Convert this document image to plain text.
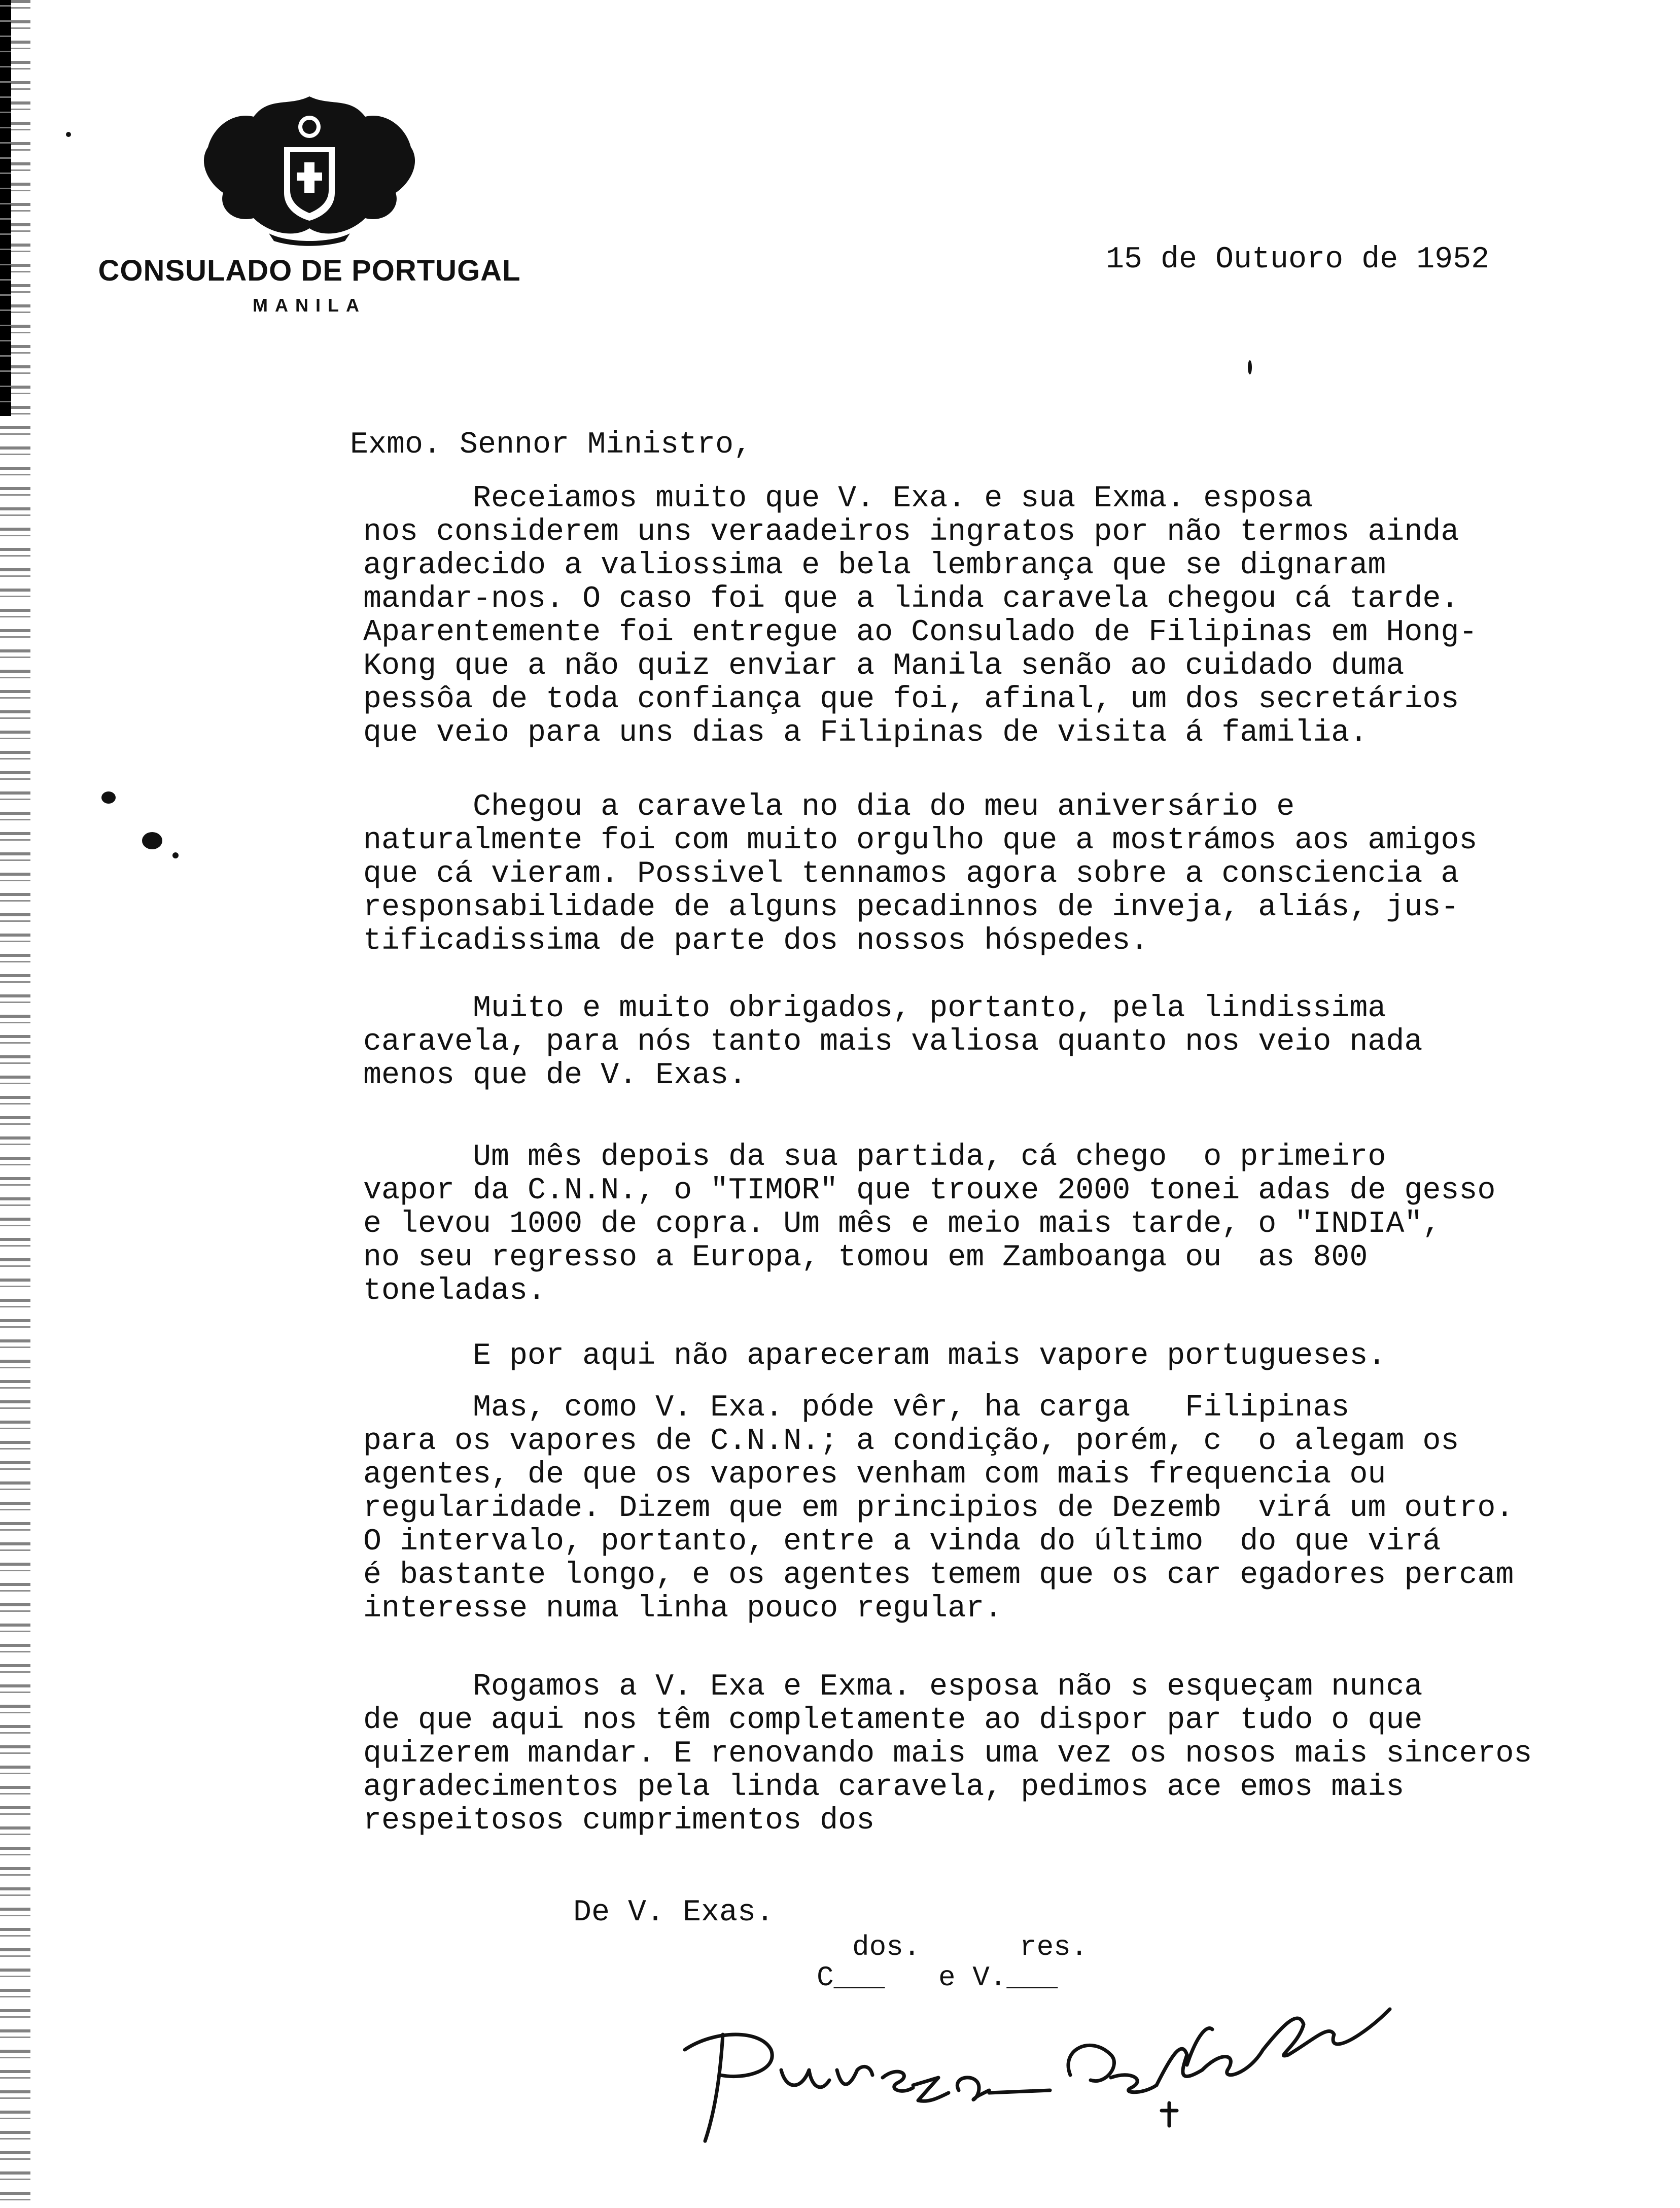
CONSULADO DE PORTUGAL
MANILA
15 de Outuoro de 1952
Exmo. Sennor Ministro,
Receiamos muito que V. Exa. e sua Exma. esposa
nos considerem uns veraadeiros ingratos por não termos ainda
agradecido a valiossima e bela lembrança que se dignaram
mandar-nos. O caso foi que a linda caravela chegou cá tarde.
Aparentemente foi entregue ao Consulado de Filipinas em Hong-
Kong que a não quiz enviar a Manila senão ao cuidado duma
pessôa de toda confiança que foi, afinal, um dos secretários
que veio para uns dias a Filipinas de visita á familia.
Chegou a caravela no dia do meu aniversário e
naturalmente foi com muito orgulho que a mostrámos aos amigos
que cá vieram. Possivel tennamos agora sobre a consciencia a
responsabilidade de alguns pecadinnos de inveja, aliás, jus-
tificadissima de parte dos nossos hóspedes.
Muito e muito obrigados, portanto, pela lindissima
caravela, para nós tanto mais valiosa quanto nos veio nada
menos que de V. Exas.
Um mês depois da sua partida, cá chego  o primeiro
vapor da C.N.N., o "TIMOR" que trouxe 2000 tonei adas de gesso
e levou 1000 de copra. Um mês e meio mais tarde, o "INDIA",
no seu regresso a Europa, tomou em Zamboanga ou  as 800
toneladas.
E por aqui não apareceram mais vapore portugueses.
Mas, como V. Exa. póde vêr, ha carga   Filipinas
para os vapores de C.N.N.; a condição, porém, c  o alegam os
agentes, de que os vapores venham com mais frequencia ou
regularidade. Dizem que em principios de Dezemb  virá um outro.
O intervalo, portanto, entre a vinda do último  do que virá
é bastante longo, e os agentes temem que os car egadores percam
interesse numa linha pouco regular.
Rogamos a V. Exa e Exma. esposa não s esqueçam nunca
de que aqui nos têm completamente ao dispor par tudo o que
quizerem mandar. E renovando mais uma vez os nosos mais sinceros
agradecimentos pela linda caravela, pedimos ace emos mais
respeitosos cumprimentos dos
De V. Exas.
dos.	res.
C___ e V.___
